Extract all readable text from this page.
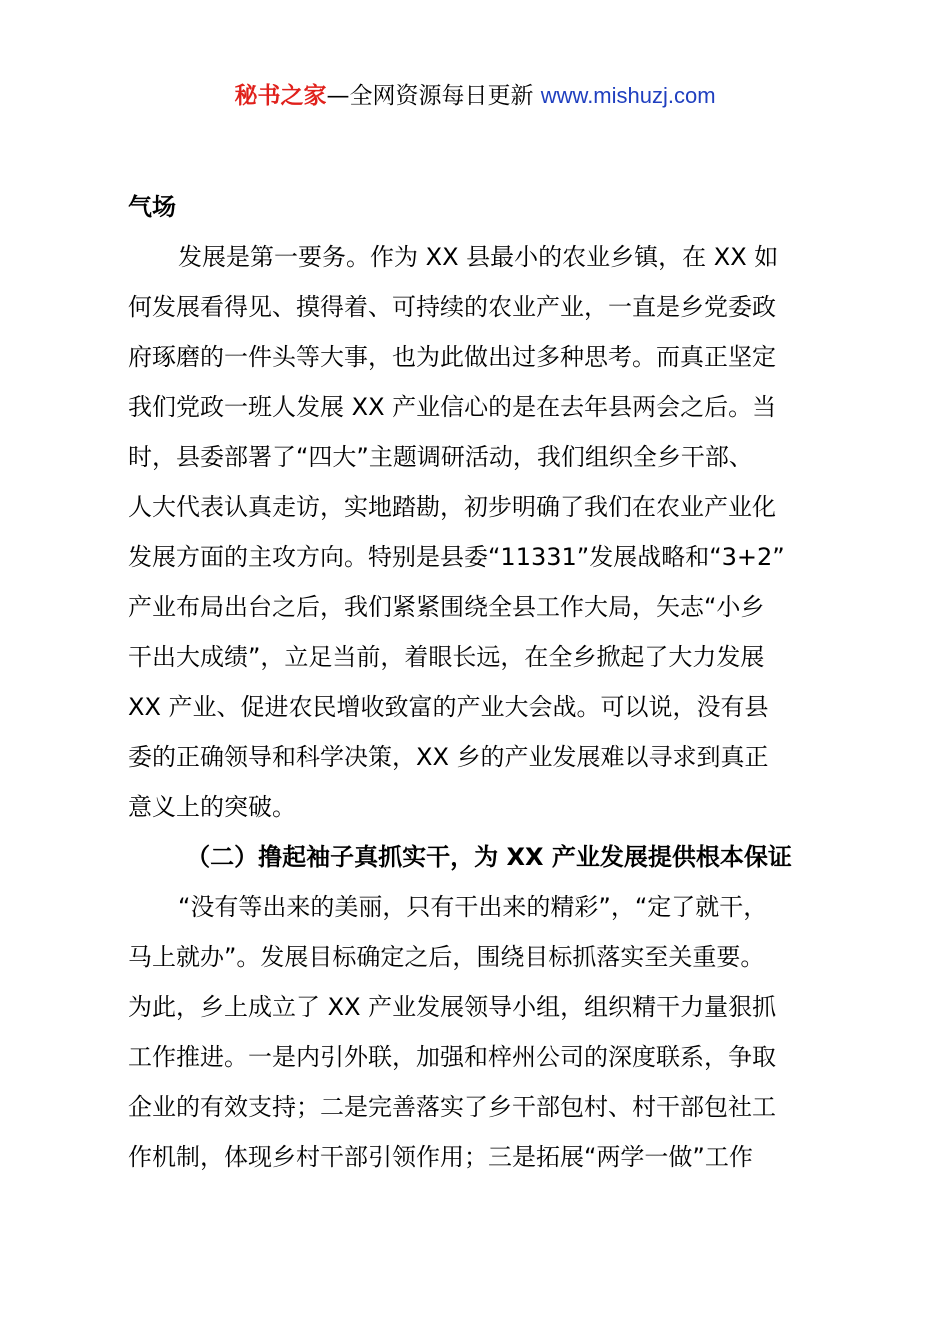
秘书之家—全网资源每日更新 www.mishuzj.com
气场
发展是第一要务。作为 XX 县最小的农业乡镇，在 XX 如
何发展看得见、摸得着、可持续的农业产业，一直是乡党委政
府琢磨的一件头等大事，也为此做出过多种思考。而真正坚定
我们党政一班人发展 XX 产业信心的是在去年县两会之后。当
时，县委部署了“四大”主题调研活动，我们组织全乡干部、
人大代表认真走访，实地踏勘，初步明确了我们在农业产业化
发展方面的主攻方向。特别是县委“11331”发展战略和“3+2”
产业布局出台之后，我们紧紧围绕全县工作大局，矢志“小乡
干出大成绩”，立足当前，着眼长远，在全乡掀起了大力发展
XX 产业、促进农民增收致富的产业大会战。可以说，没有县
委的正确领导和科学决策，XX 乡的产业发展难以寻求到真正
意义上的突破。
（二）撸起袖子真抓实干，为 XX 产业发展提供根本保证
“没有等出来的美丽，只有干出来的精彩”，“定了就干，
马上就办”。发展目标确定之后，围绕目标抓落实至关重要。
为此，乡上成立了 XX 产业发展领导小组，组织精干力量狠抓
工作推进。一是内引外联，加强和梓州公司的深度联系，争取
企业的有效支持；二是完善落实了乡干部包村、村干部包社工
作机制，体现乡村干部引领作用；三是拓展“两学一做”工作
